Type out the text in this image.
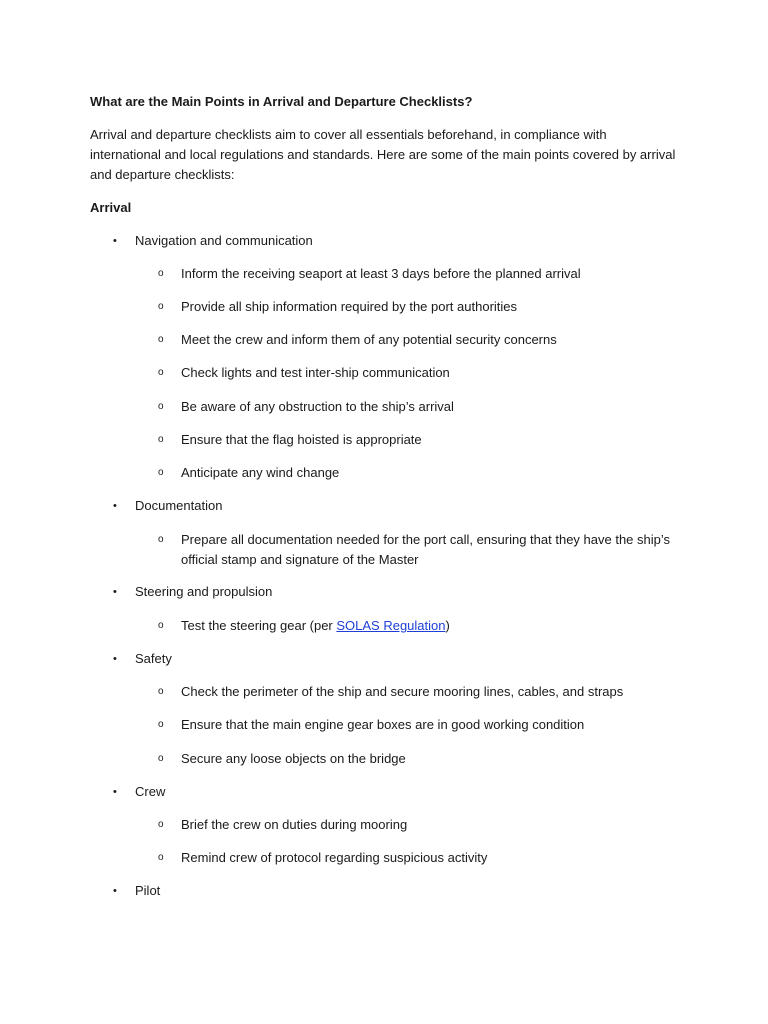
What are the Main Points in Arrival and Departure Checklists?
Arrival and departure checklists aim to cover all essentials beforehand, in compliance with international and local regulations and standards. Here are some of the main points covered by arrival and departure checklists:
Arrival
• Navigation and communication
o Inform the receiving seaport at least 3 days before the planned arrival
o Provide all ship information required by the port authorities
o Meet the crew and inform them of any potential security concerns
o Check lights and test inter-ship communication
o Be aware of any obstruction to the ship’s arrival
o Ensure that the flag hoisted is appropriate
o Anticipate any wind change
• Documentation
o Prepare all documentation needed for the port call, ensuring that they have the ship’s official stamp and signature of the Master
• Steering and propulsion
o Test the steering gear (per SOLAS Regulation)
• Safety
o Check the perimeter of the ship and secure mooring lines, cables, and straps
o Ensure that the main engine gear boxes are in good working condition
o Secure any loose objects on the bridge
• Crew
o Brief the crew on duties during mooring
o Remind crew of protocol regarding suspicious activity
• Pilot
